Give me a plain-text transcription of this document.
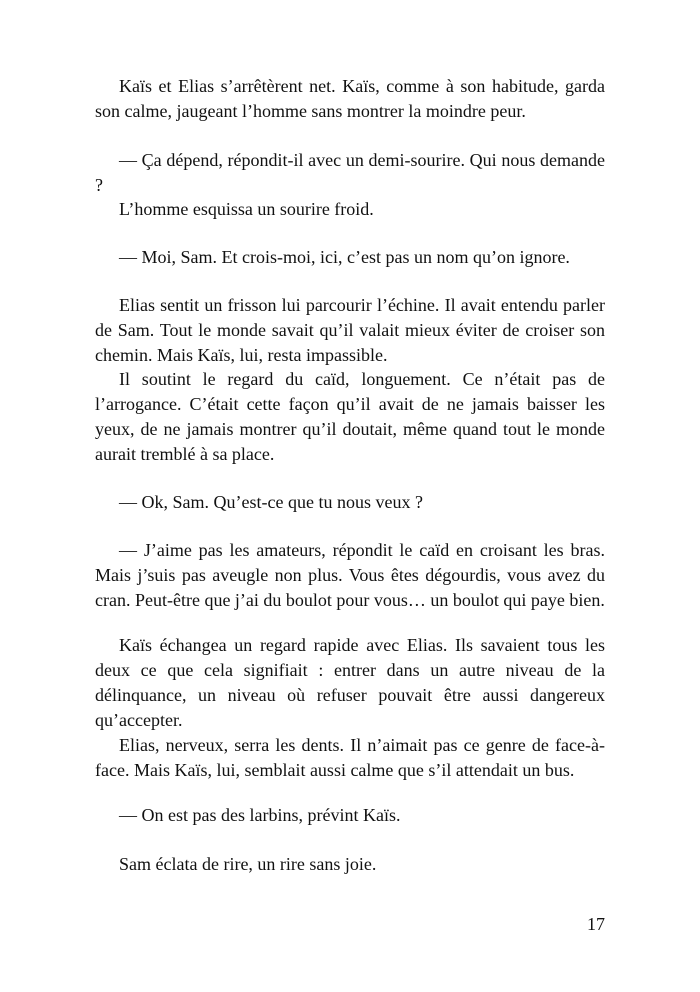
Kaïs et Elias s’arrêtèrent net. Kaïs, comme à son habitude, garda son calme, jaugeant l’homme sans montrer la moindre peur.

— Ça dépend, répondit-il avec un demi-sourire. Qui nous demande ?

L’homme esquissa un sourire froid.

— Moi, Sam. Et crois-moi, ici, c’est pas un nom qu’on ignore.

Elias sentit un frisson lui parcourir l’échine. Il avait entendu parler de Sam. Tout le monde savait qu’il valait mieux éviter de croiser son chemin. Mais Kaïs, lui, resta impassible.

Il soutint le regard du caïd, longuement. Ce n’était pas de l’arrogance. C’était cette façon qu’il avait de ne jamais baisser les yeux, de ne jamais montrer qu’il doutait, même quand tout le monde aurait tremblé à sa place.

— Ok, Sam. Qu’est-ce que tu nous veux ?

— J’aime pas les amateurs, répondit le caïd en croisant les bras. Mais j’suis pas aveugle non plus. Vous êtes dégourdis, vous avez du cran. Peut-être que j’ai du boulot pour vous… un boulot qui paye bien.

Kaïs échangea un regard rapide avec Elias. Ils savaient tous les deux ce que cela signifiait : entrer dans un autre niveau de la délinquance, un niveau où refuser pouvait être aussi dangereux qu’accepter.

Elias, nerveux, serra les dents. Il n’aimait pas ce genre de face-à-face. Mais Kaïs, lui, semblait aussi calme que s’il attendait un bus.

— On est pas des larbins, prévint Kaïs.

Sam éclata de rire, un rire sans joie.

17
